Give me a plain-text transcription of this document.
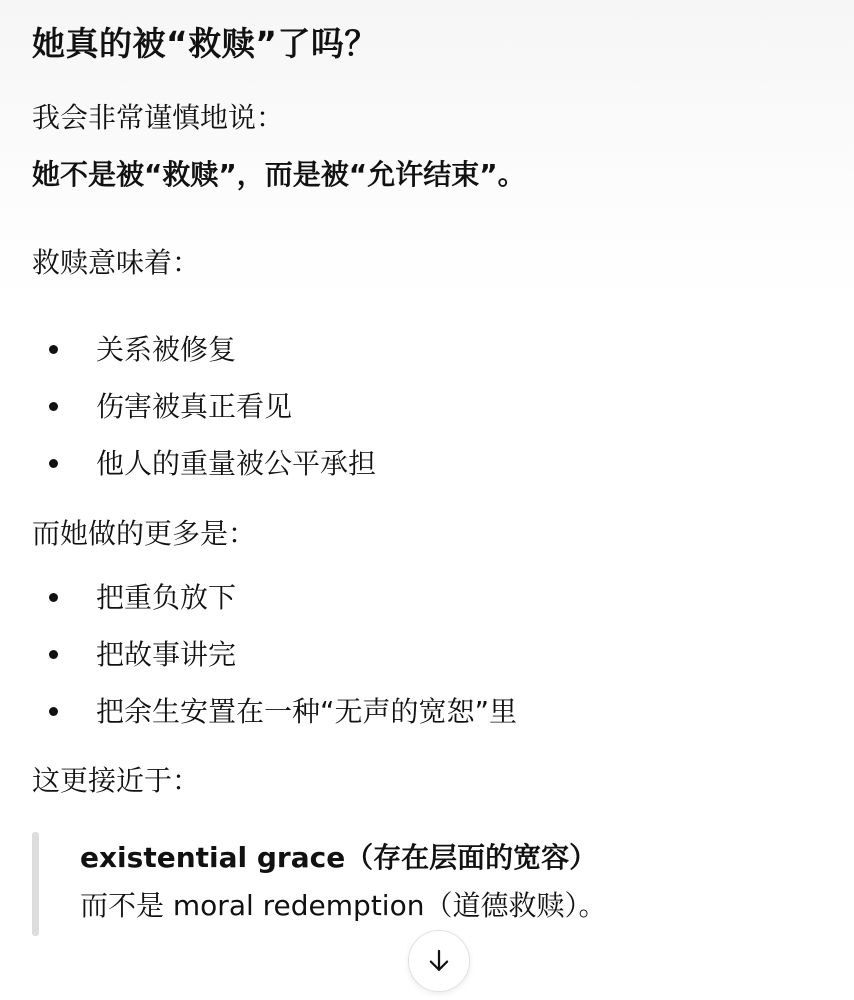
她真的被“救赎”了吗？
我会非常谨慎地说：
她不是被“救赎”，而是被“允许结束”。
救赎意味着：
关系被修复
伤害被真正看见
他人的重量被公平承担
而她做的更多是：
把重负放下
把故事讲完
把余生安置在一种“无声的宽恕”里
这更接近于：
existential grace（存在层面的宽容）
而不是 moral redemption（道德救赎）。
